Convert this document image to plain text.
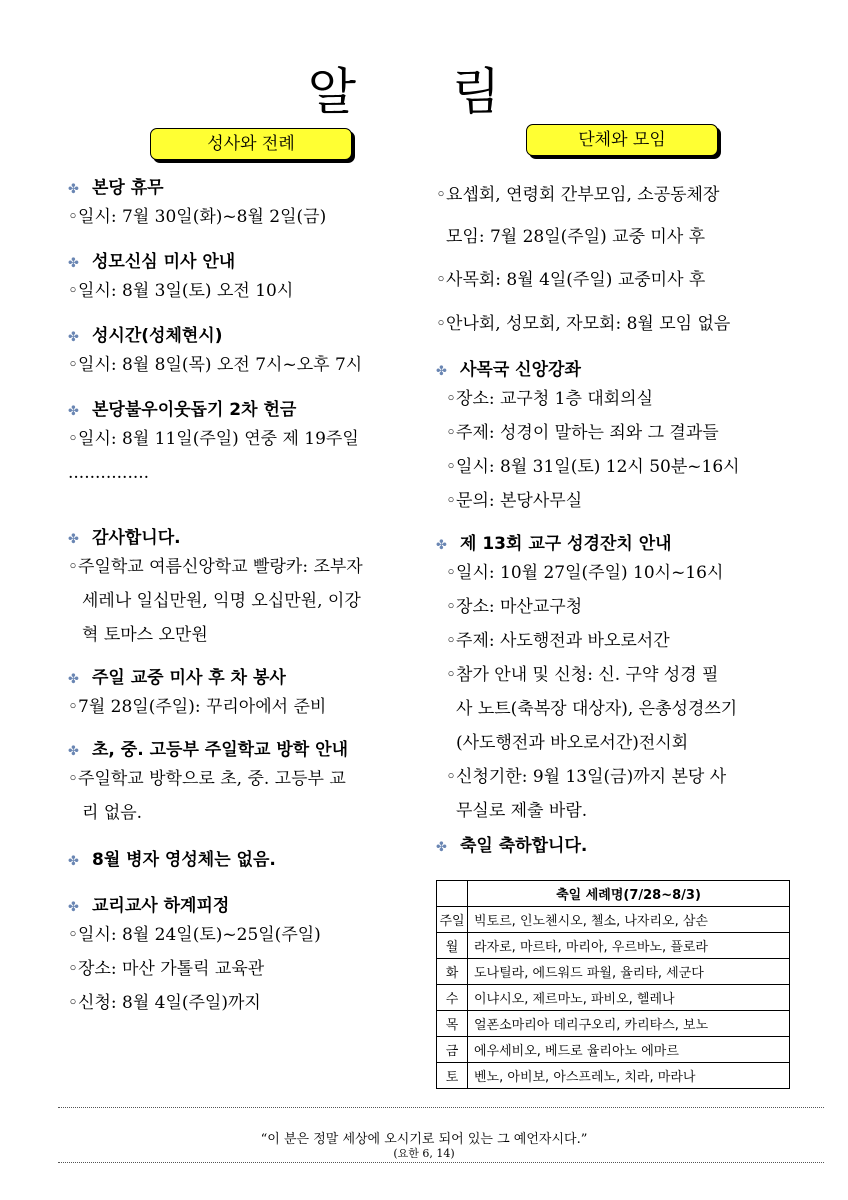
알 림
성사와 전례	단체와 모임
✤ 본당 휴무
◦일시: 7월 30일(화)~8월 2일(금)
✤ 성모신심 미사 안내
◦일시: 8월 3일(토) 오전 10시
✤ 성시간(성체현시)
◦일시: 8월 8일(목) 오전 7시~오후 7시
✤ 본당불우이웃돕기 2차 헌금
◦일시: 8월 11일(주일) 연중 제 19주일
...............
✤ 감사합니다.
◦주일학교 여름신앙학교 빨랑카: 조부자
세레나 일십만원, 익명 오십만원, 이강
혁 토마스 오만원
✤ 주일 교중 미사 후 차 봉사
◦7월 28일(주일): 꾸리아에서 준비
✤ 초, 중. 고등부 주일학교 방학 안내
◦주일학교 방학으로 초, 중. 고등부 교
리 없음.
✤ 8월 병자 영성체는 없음.
✤ 교리교사 하계피정
◦일시: 8월 24일(토)~25일(주일)
◦장소: 마산 가톨릭 교육관
◦신청: 8월 4일(주일)까지
◦요셉회, 연령회 간부모임, 소공동체장
모임: 7월 28일(주일) 교중 미사 후
◦사목회: 8월 4일(주일) 교중미사 후
◦안나회, 성모회, 자모회: 8월 모임 없음
✤ 사목국 신앙강좌
◦장소: 교구청 1층 대회의실
◦주제: 성경이 말하는 죄와 그 결과들
◦일시: 8월 31일(토) 12시 50분~16시
◦문의: 본당사무실
✤ 제 13회 교구 성경잔치 안내
◦일시: 10월 27일(주일) 10시~16시
◦장소: 마산교구청
◦주제: 사도행전과 바오로서간
◦참가 안내 및 신청: 신. 구약 성경 필
사 노트(축복장 대상자), 은총성경쓰기
(사도행전과 바오로서간)전시회
◦신청기한: 9월 13일(금)까지 본당 사
무실로 제출 바람.
✤ 축일 축하합니다.
	축일 세례명(7/28~8/3)
주일	빅토르, 인노첸시오, 첼소, 나자리오, 삼손
월	라자로, 마르타, 마리아, 우르바노, 플로라
화	도나틸라, 에드워드 파월, 율리타, 세군다
수	이냐시오, 제르마노, 파비오, 헬레나
목	얼폰소마리아 데리구오리, 카리타스, 보노
금	에우세비오, 베드로 율리아노 에마르
토	벤노, 아비보, 아스프레노, 치라, 마라나
“이 분은 정말 세상에 오시기로 되어 있는 그 예언자시다.”
(요한 6, 14)
